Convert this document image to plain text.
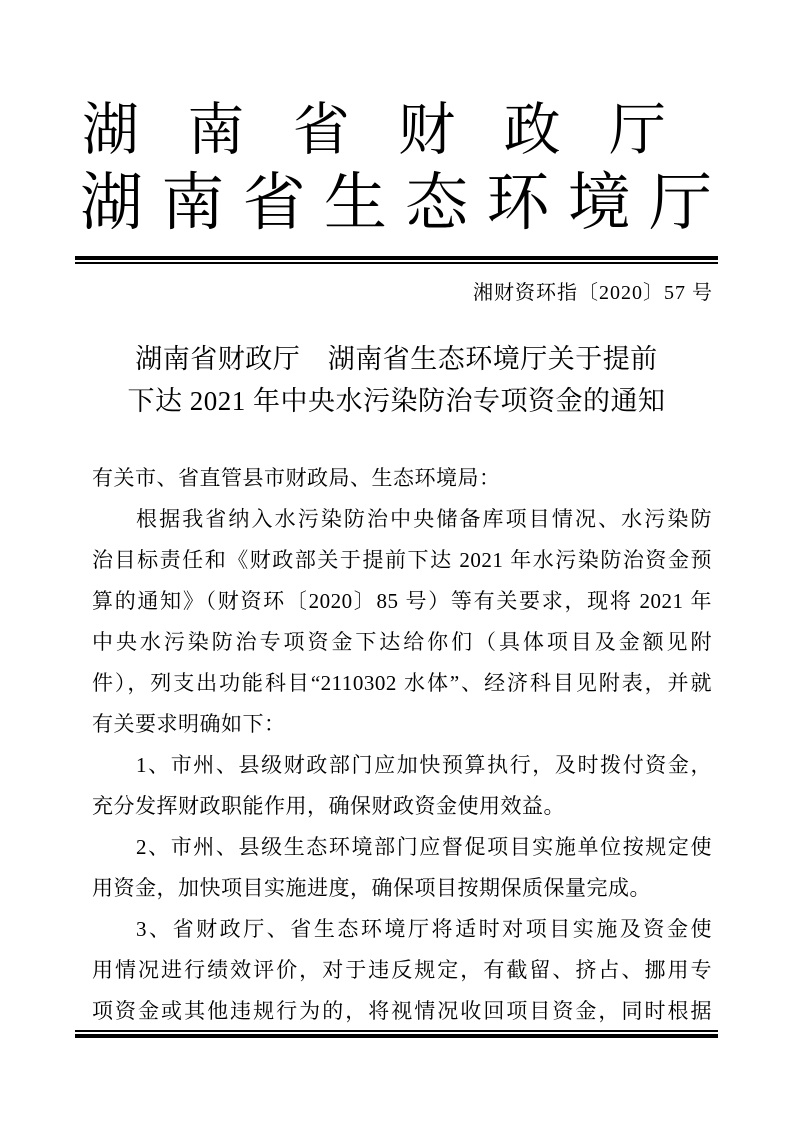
湖 南 省 财 政 厅
湖 南 省 生 态 环 境 厅
湘财资环指〔2020〕57 号
湖南省财政厅　湖南省生态环境厅关于提前
下达 2021 年中央水污染防治专项资金的通知

有关市、省直管县市财政局、生态环境局：

根据我省纳入水污染防治中央储备库项目情况、水污染防

治目标责任和《财政部关于提前下达 2021 年水污染防治资金预

算的通知》（财资环〔2020〕85 号）等有关要求，现将 2021 年

中央水污染防治专项资金下达给你们（具体项目及金额见附

件），列支出功能科目“2110302 水体”、经济科目见附表，并就

有关要求明确如下：

1、市州、县级财政部门应加快预算执行，及时拨付资金，

充分发挥财政职能作用，确保财政资金使用效益。

2、市州、县级生态环境部门应督促项目实施单位按规定使

用资金，加快项目实施进度，确保项目按期保质保量完成。

3、省财政厅、省生态环境厅将适时对项目实施及资金使

用情况进行绩效评价，对于违反规定，有截留、挤占、挪用专

项资金或其他违规行为的，将视情况收回项目资金，同时根据
